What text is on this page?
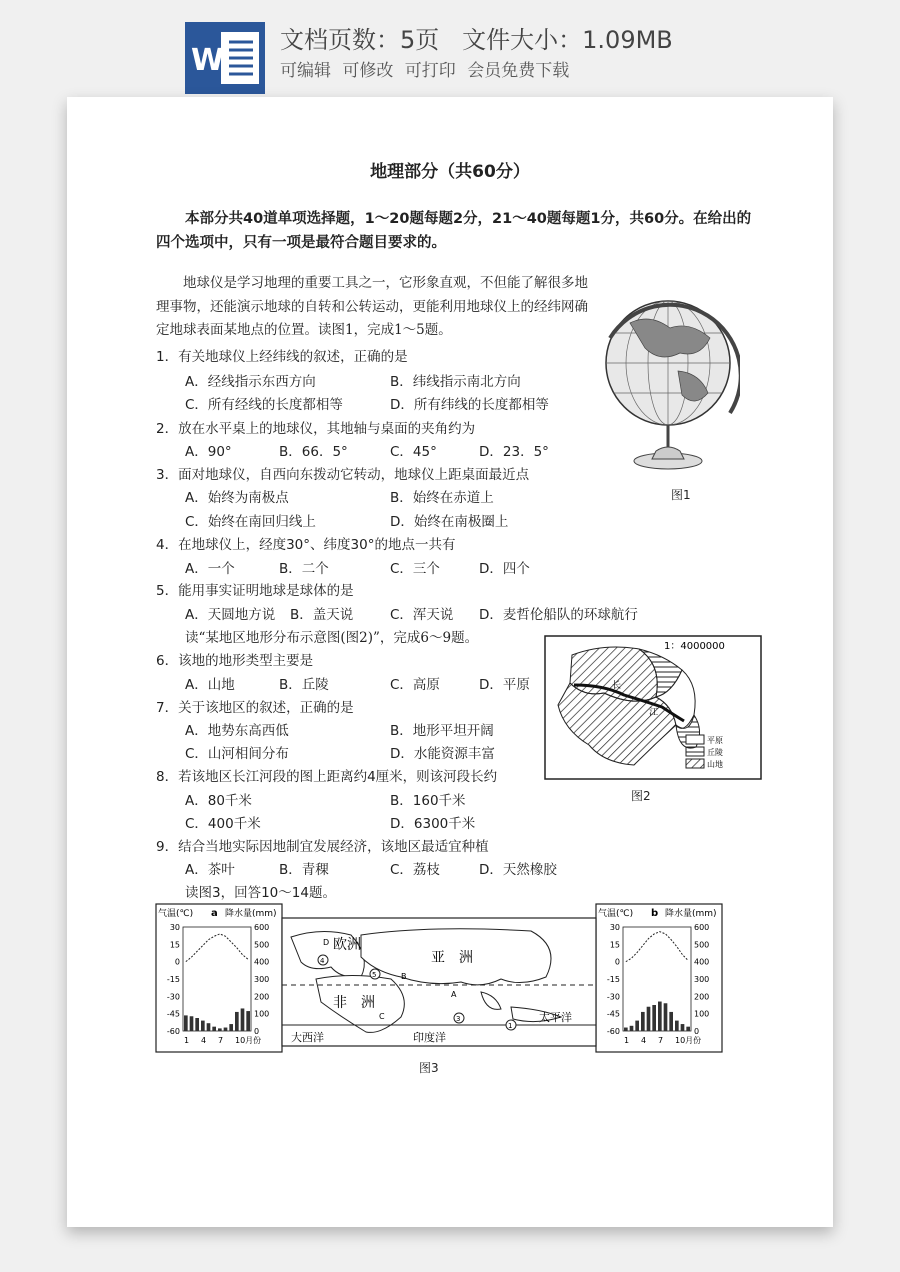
W
文档页数：5页   文件大小：1.09MB
可编辑 可修改 可打印 会员免费下载
地理部分（共60分）
本部分共40道单项选择题，1～20题每题2分，21～40题每题1分，共60分。在给出的四个选项中，只有一项是最符合题目要求的。
地球仪是学习地理的重要工具之一，它形象直观，不但能了解很多地理事物，还能演示地球的自转和公转运动，更能利用地球仪上的经纬网确定地球表面某地点的位置。读图1，完成1～5题。
1．有关地球仪上经纬线的叙述，正确的是
A．经线指示东西方向	B．纬线指示南北方向
C．所有经线的长度都相等	D．所有纬线的长度都相等
2．放在水平桌上的地球仪，其地轴与桌面的夹角约为
A．90°	B．66．5°	C．45°	D．23．5°
3．面对地球仪，自西向东拨动它转动，地球仪上距桌面最近点
A．始终为南极点	B．始终在赤道上
C．始终在南回归线上	D．始终在南极圈上
4．在地球仪上，经度30°、纬度30°的地点一共有
A．一个	B．二个	C．三个	D．四个
5．能用事实证明地球是球体的是
A．天圆地方说 B．盖天说	C．浑天说 D．麦哲伦船队的环球航行
读“某地区地形分布示意图(图2)”，完成6～9题。
6．该地的地形类型主要是
A．山地	B．丘陵	C．高原	D．平原
7．关于该地区的叙述，正确的是
A．地势东高西低	B．地形平坦开阔
C．山河相间分布	D．水能资源丰富
8．若该地区长江河段的图上距离约4厘米，则该河段长约
A．80千米	B．160千米
C．400千米	D．6300千米
9．结合当地实际因地制宜发展经济，该地区最适宜种植
A．茶叶	B．青稞	C．荔枝	D．天然橡胶
读图3，回答10～14题。
图1
长
江
1：4000000
平原
丘陵
山地
图2
气温(℃) a 降水量(mm)
30
15
0
-15
-30
-45
-60
600
500
400
300
200
100
0
1 4 7 10月份
气温(℃) b 降水量(mm)
30
15
0
-15
-30
-45
-60
600
500
400
300
200
100
0
1 4 7 10月份
欧洲
亚　洲
非　洲
大西洋	印度洋
太平洋
D
B
C
A
4
5
3
1
图3
